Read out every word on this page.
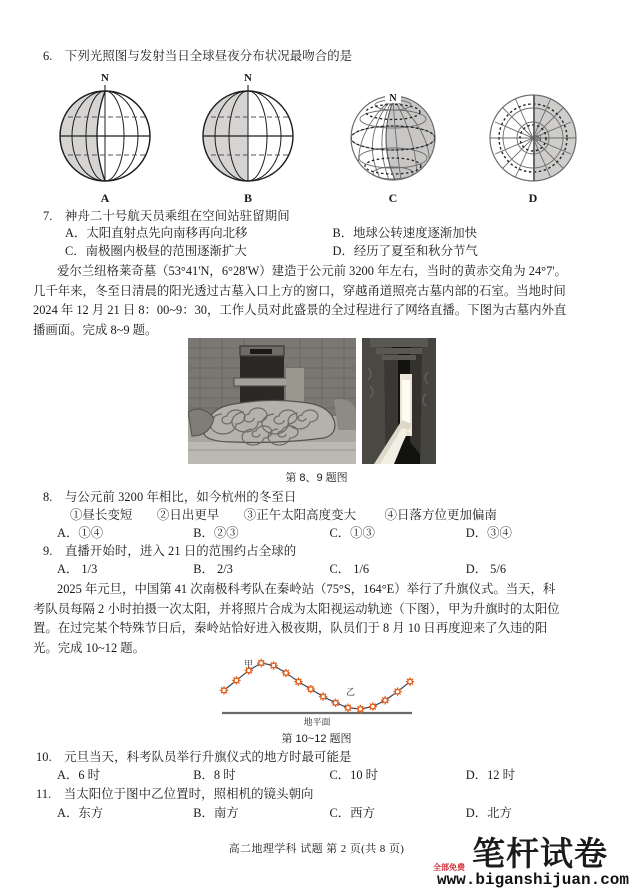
6. 下列光照图与发射当日全球昼夜分布状况最吻合的是
N
A
N
B
N
C
N
D
7. 神舟二十号航天员乘组在空间站驻留期间
A．太阳直射点先向南移再向北移	B．地球公转速度逐渐加快
C．南极圈内极昼的范围逐渐扩大	D．经历了夏至和秋分节气
爱尔兰纽格莱奇墓（53°41'N，6°28'W）建造于公元前 3200 年左右，当时的黄赤交角为 24°7'。
几千年来，冬至日清晨的阳光透过古墓入口上方的窗口，穿越甬道照亮古墓内部的石室。当地时间
2024 年 12 月 21 日 8：00~9：30，工作人员对此盛景的全过程进行了网络直播。下图为古墓内外直
播画面。完成 8~9 题。
第 8、9 题图
8. 与公元前 3200 年相比，如今杭州的冬至日
①昼长变短 ②日出更早 ③正午太阳高度变大 ④日落方位更加偏南
A．①④	B．②③	C．①③	D．③④
9. 直播开始时，进入 21 日的范围约占全球的
A． 1/3	B． 2/3	C． 1/6	D． 5/6
2025 年元旦，中国第 41 次南极科考队在秦岭站（75°S，164°E）举行了升旗仪式。当天，科
考队员每隔 2 小时拍摄一次太阳，并将照片合成为太阳视运动轨迹（下图），甲为升旗时的太阳位
置。在过完某个特殊节日后，秦岭站恰好进入极夜期，队员们于 8 月 10 日再度迎来了久违的阳
光。完成 10~12 题。
甲
乙
地平面
第 10~12 题图
10. 元旦当天，科考队员举行升旗仪式的地方时最可能是
A．6 时	B．8 时	C．10 时	D．12 时
11. 当太阳位于图中乙位置时，照相机的镜头朝向
A．东方	B．南方	C．西方	D．北方
高二地理学科 试题 第 2 页(共 8 页)	笔杆试卷
全部免费
www.biganshijuan.com
